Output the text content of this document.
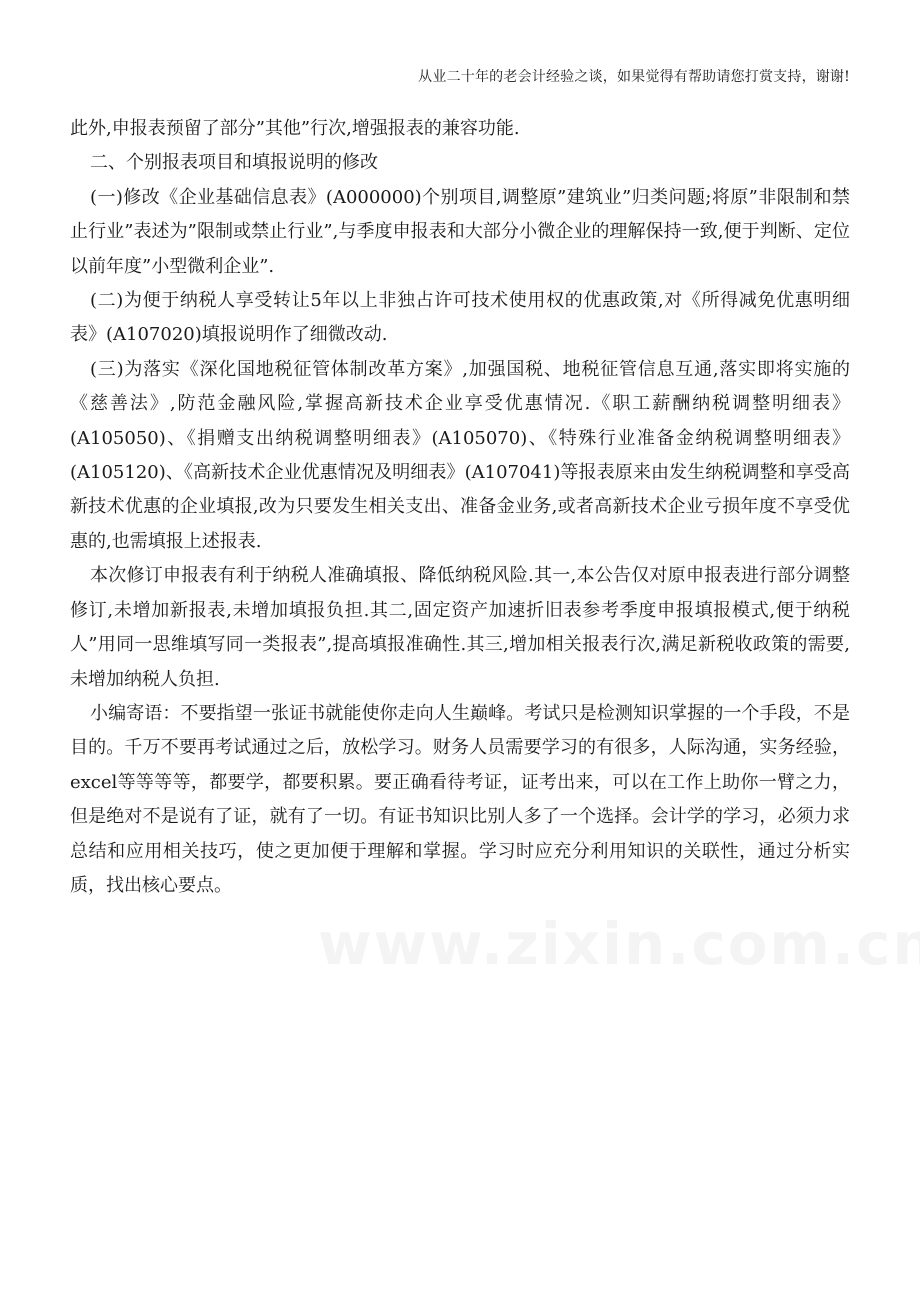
从业二十年的老会计经验之谈，如果觉得有帮助请您打赏支持，谢谢!

此外,申报表预留了部分”其他”行次,增强报表的兼容功能.

二、个别报表项目和填报说明的修改

(一)修改《企业基础信息表》(A000000)个别项目,调整原”建筑业”归类问题;将原”非限制和禁止行业”表述为”限制或禁止行业”,与季度申报表和大部分小微企业的理解保持一致,便于判断、定位以前年度”小型微利企业”.

(二)为便于纳税人享受转让5年以上非独占许可技术使用权的优惠政策,对《所得减免优惠明细表》(A107020)填报说明作了细微改动.

(三)为落实《深化国地税征管体制改革方案》,加强国税、地税征管信息互通,落实即将实施的《慈善法》,防范金融风险,掌握高新技术企业享受优惠情况.《职工薪酬纳税调整明细表》(A105050)、《捐赠支出纳税调整明细表》(A105070)、《特殊行业准备金纳税调整明细表》(A105120)、《高新技术企业优惠情况及明细表》(A107041)等报表原来由发生纳税调整和享受高新技术优惠的企业填报,改为只要发生相关支出、准备金业务,或者高新技术企业亏损年度不享受优惠的,也需填报上述报表.

本次修订申报表有利于纳税人准确填报、降低纳税风险.其一,本公告仅对原申报表进行部分调整修订,未增加新报表,未增加填报负担.其二,固定资产加速折旧表参考季度申报填报模式,便于纳税人”用同一思维填写同一类报表”,提高填报准确性.其三,增加相关报表行次,满足新税收政策的需要,未增加纳税人负担.

小编寄语：不要指望一张证书就能使你走向人生巅峰。考试只是检测知识掌握的一个手段，不是目的。千万不要再考试通过之后，放松学习。财务人员需要学习的有很多，人际沟通，实务经验，excel等等等等，都要学，都要积累。要正确看待考证，证考出来，可以在工作上助你一臂之力，但是绝对不是说有了证，就有了一切。有证书知识比别人多了一个选择。会计学的学习，必须力求总结和应用相关技巧，使之更加便于理解和掌握。学习时应充分利用知识的关联性，通过分析实质，找出核心要点。
